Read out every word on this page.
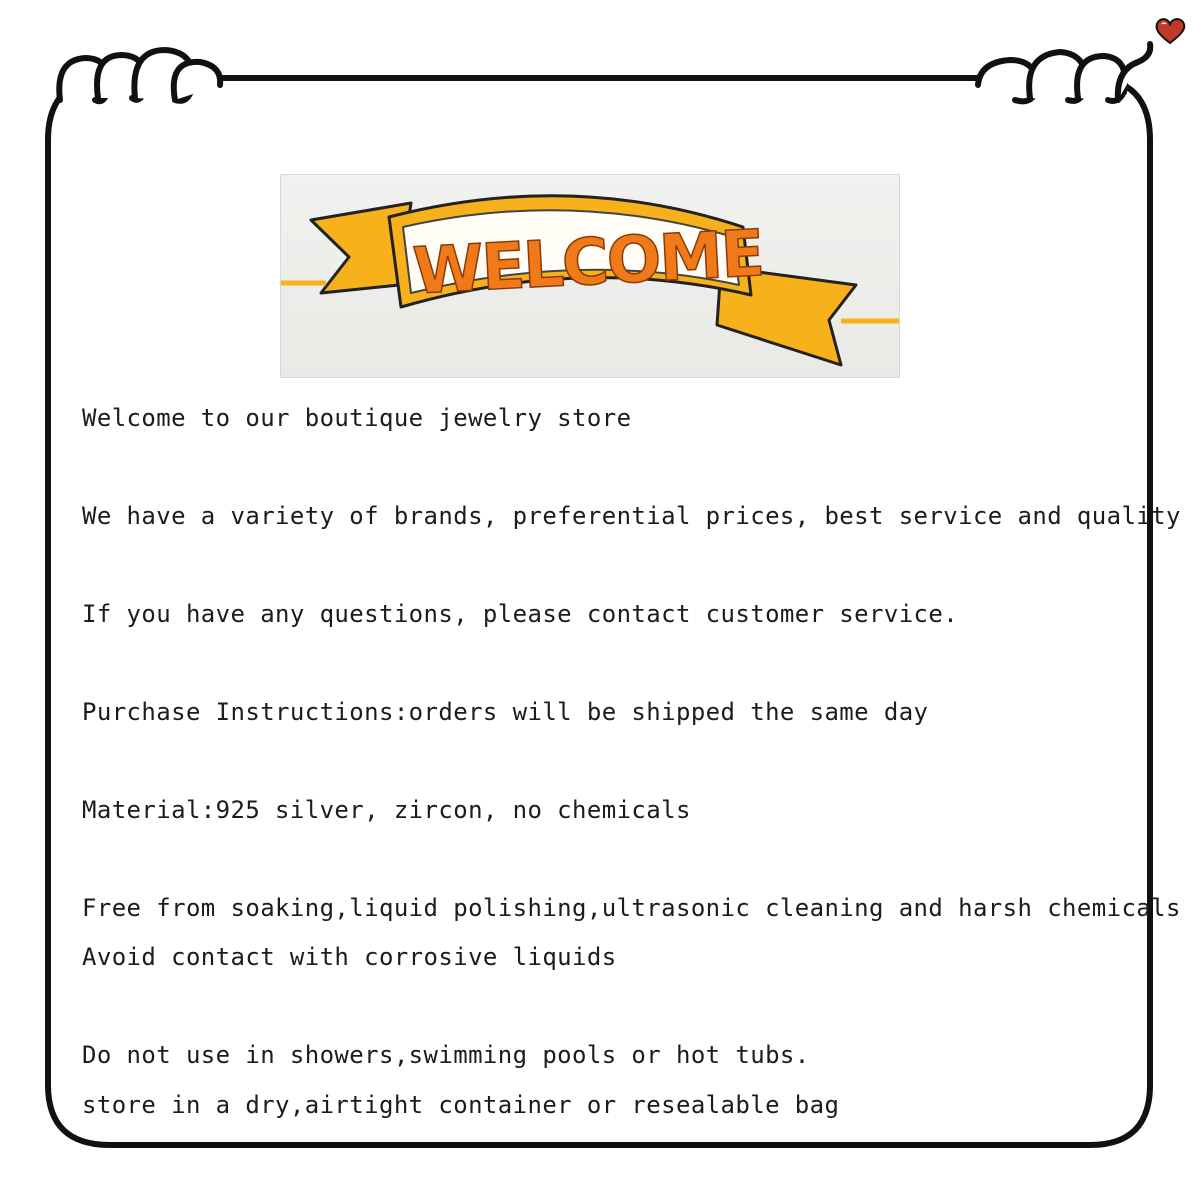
WELCOME
Welcome to our boutique jewelry store
We have a variety of brands, preferential prices, best service and quality
If you have any questions, please contact customer service.
Purchase Instructions:orders will be shipped the same day
Material:925 silver, zircon, no chemicals
Free from soaking,liquid polishing,ultrasonic cleaning and harsh chemicals
Avoid contact with corrosive liquids
Do not use in showers,swimming pools or hot tubs.
store in a dry,airtight container or resealable bag
